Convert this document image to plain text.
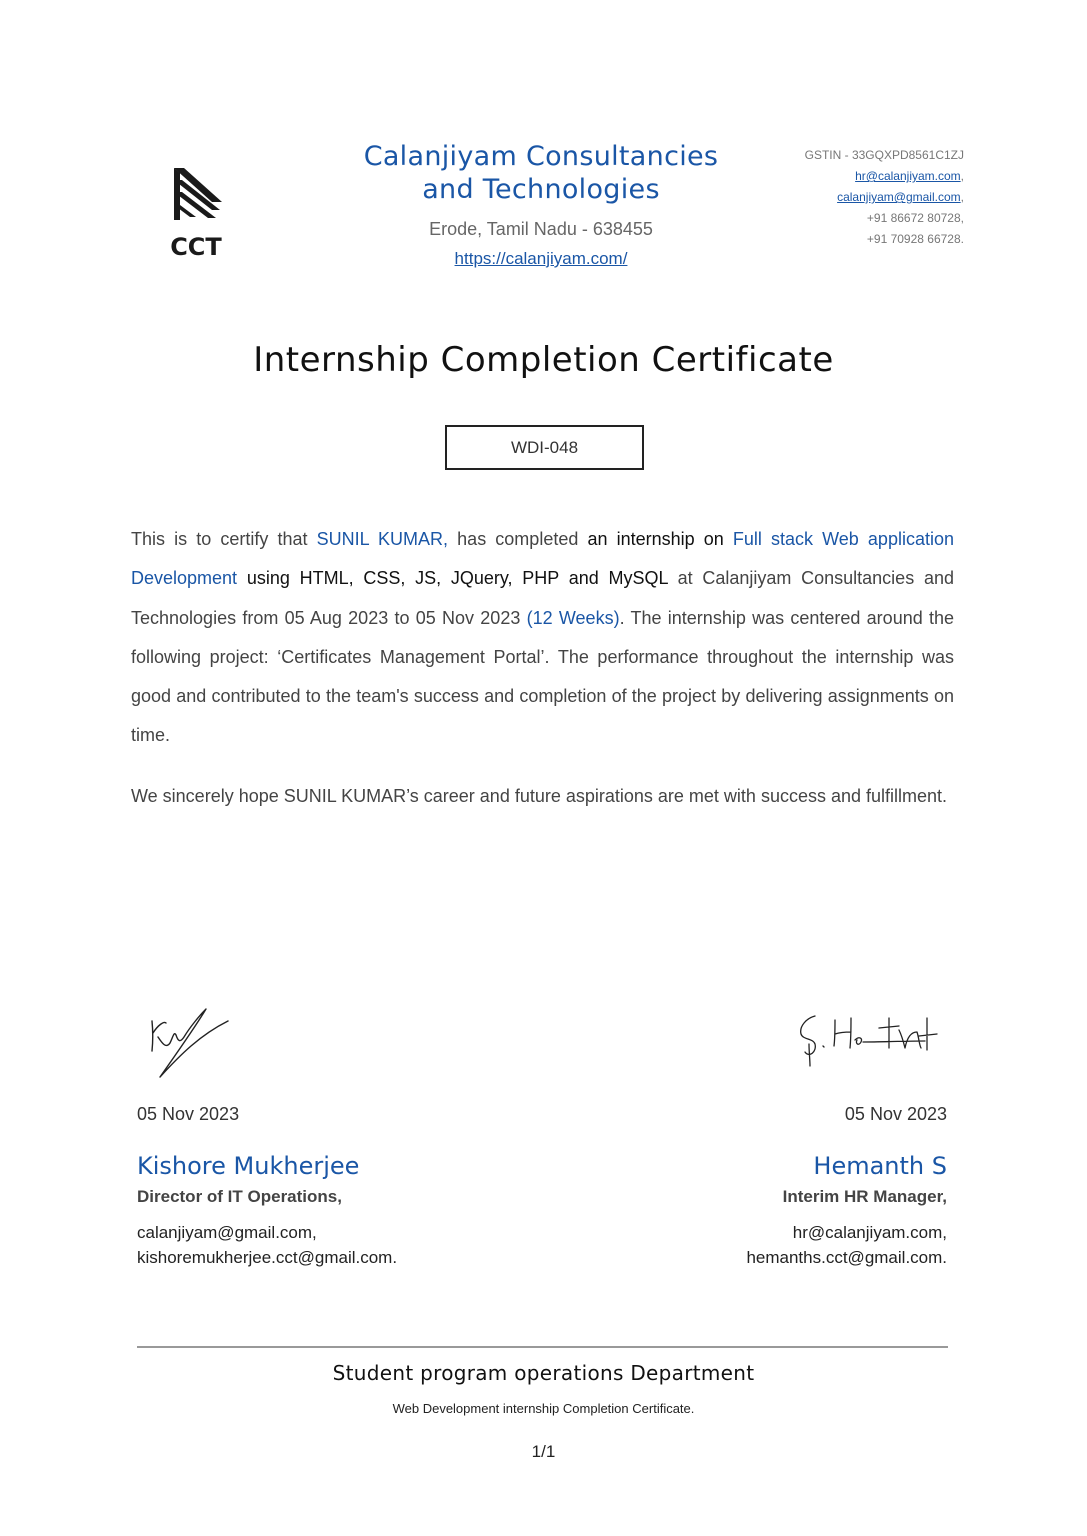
CCT
Calanjiyam Consultancies
and Technologies
Erode, Tamil Nadu - 638455
https://calanjiyam.com/
GSTIN - 33GQXPD8561C1ZJ
hr@calanjiyam.com,
calanjiyam@gmail.com,
+91 86672 80728,
+91 70928 66728.
Internship Completion Certificate
WDI-048

This is to certify that SUNIL KUMAR, has completed an internship on Full stack Web application Development using HTML, CSS, JS, JQuery, PHP and MySQL at Calanjiyam Consultancies and Technologies from 05 Aug 2023 to 05 Nov 2023 (12 Weeks). The internship was centered around the following project: ‘Certificates Management Portal’. The performance throughout the internship was good and contributed to the team's success and completion of the project by delivering assignments on time.

We sincerely hope SUNIL KUMAR’s career and future aspirations are met with success and fulfillment.

05 Nov 2023
Kishore Mukherjee
Director of IT Operations,
calanjiyam@gmail.com,
kishoremukherjee.cct@gmail.com.
05 Nov 2023
Hemanth S
Interim HR Manager,
hr@calanjiyam.com,
hemanths.cct@gmail.com.
Student program operations Department
Web Development internship Completion Certificate.
1/1
